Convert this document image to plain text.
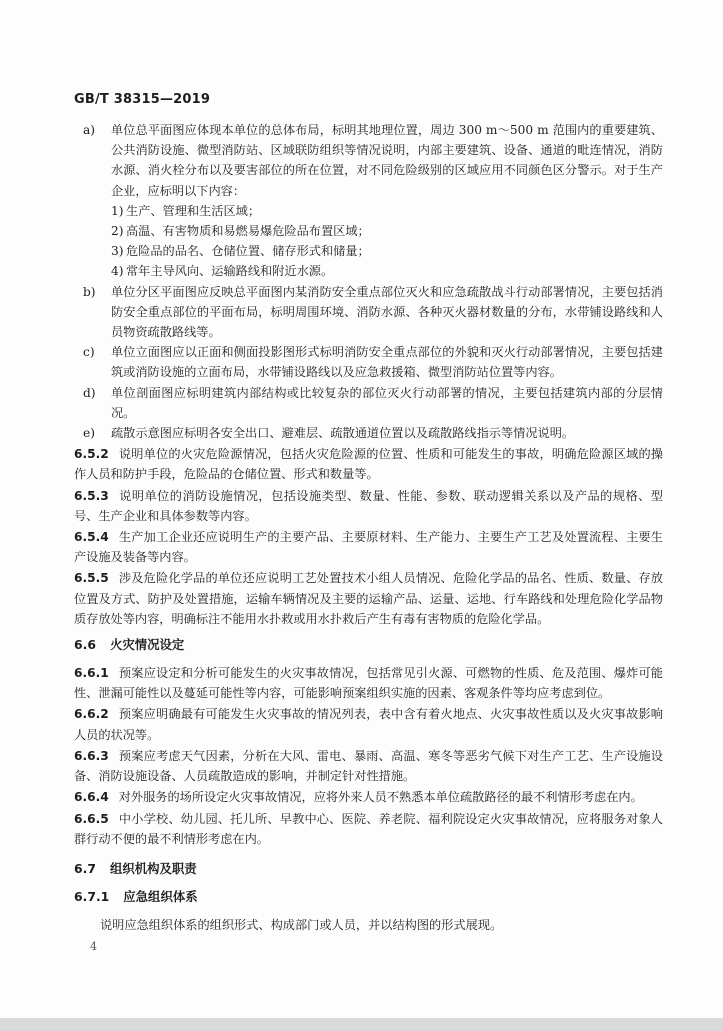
GB/T 38315—2019

a) 单位总平面图应体现本单位的总体布局，标明其地理位置，周边 300 m～500 m 范围内的重要建筑、公共消防设施、微型消防站、区域联防组织等情况说明，内部主要建筑、设备、通道的毗连情况，消防水源、消火栓分布以及要害部位的所在位置，对不同危险级别的区域应用不同颜色区分警示。对于生产企业，应标明以下内容：

1) 生产、管理和生活区域；

2) 高温、有害物质和易燃易爆危险品布置区域；

3) 危险品的品名、仓储位置、储存形式和储量；

4) 常年主导风向、运输路线和附近水源。

b) 单位分区平面图应反映总平面图内某消防安全重点部位灭火和应急疏散战斗行动部署情况，主要包括消防安全重点部位的平面布局，标明周围环境、消防水源、各种灭火器材数量的分布，水带铺设路线和人员物资疏散路线等。

c) 单位立面图应以正面和侧面投影图形式标明消防安全重点部位的外貌和灭火行动部署情况，主要包括建筑或消防设施的立面布局，水带铺设路线以及应急救援箱、微型消防站位置等内容。

d) 单位剖面图应标明建筑内部结构或比较复杂的部位灭火行动部署的情况，主要包括建筑内部的分层情况。

e) 疏散示意图应标明各安全出口、避难层、疏散通道位置以及疏散路线指示等情况说明。

6.5.2 说明单位的火灾危险源情况，包括火灾危险源的位置、性质和可能发生的事故，明确危险源区域的操作人员和防护手段，危险品的仓储位置、形式和数量等。

6.5.3 说明单位的消防设施情况，包括设施类型、数量、性能、参数、联动逻辑关系以及产品的规格、型号、生产企业和具体参数等内容。

6.5.4 生产加工企业还应说明生产的主要产品、主要原材料、生产能力、主要生产工艺及处置流程、主要生产设施及装备等内容。

6.5.5 涉及危险化学品的单位还应说明工艺处置技术小组人员情况、危险化学品的品名、性质、数量、存放位置及方式、防护及处置措施，运输车辆情况及主要的运输产品、运量、运地、行车路线和处理危险化学品物质存放处等内容，明确标注不能用水扑救或用水扑救后产生有毒有害物质的危险化学品。

6.6 火灾情况设定

6.6.1 预案应设定和分析可能发生的火灾事故情况，包括常见引火源、可燃物的性质、危及范围、爆炸可能性、泄漏可能性以及蔓延可能性等内容，可能影响预案组织实施的因素、客观条件等均应考虑到位。

6.6.2 预案应明确最有可能发生火灾事故的情况列表，表中含有着火地点、火灾事故性质以及火灾事故影响人员的状况等。

6.6.3 预案应考虑天气因素，分析在大风、雷电、暴雨、高温、寒冬等恶劣气候下对生产工艺、生产设施设备、消防设施设备、人员疏散造成的影响，并制定针对性措施。

6.6.4 对外服务的场所设定火灾事故情况，应将外来人员不熟悉本单位疏散路径的最不利情形考虑在内。

6.6.5 中小学校、幼儿园、托儿所、早教中心、医院、养老院、福利院设定火灾事故情况，应将服务对象人群行动不便的最不利情形考虑在内。

6.7 组织机构及职责
6.7.1 应急组织体系

说明应急组织体系的组织形式、构成部门或人员，并以结构图的形式展现。

4
